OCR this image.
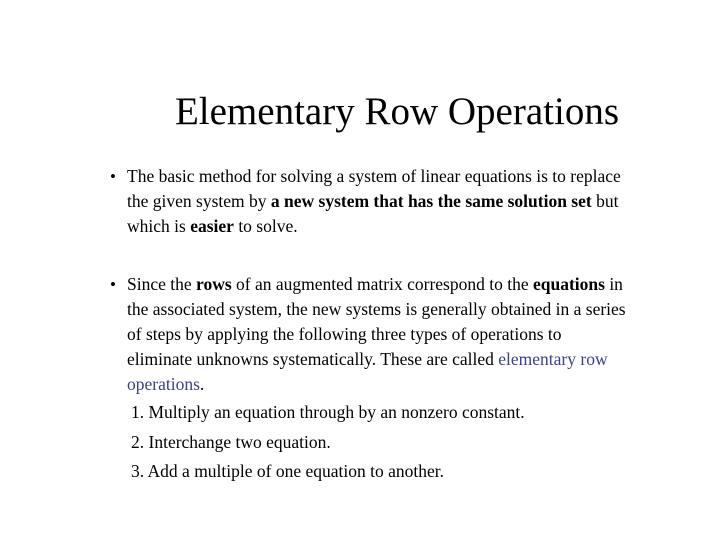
Elementary Row Operations
• The basic method for solving a system of linear equations is to replace
the given system by a new system that has the same solution set but
which is easier to solve.
• Since the rows of an augmented matrix correspond to the equations in
the associated system, the new systems is generally obtained in a series
of steps by applying the following three types of operations to
eliminate unknowns systematically. These are called elementary row
operations.
1. Multiply an equation through by an nonzero constant.
2. Interchange two equation.
3. Add a multiple of one equation to another.
